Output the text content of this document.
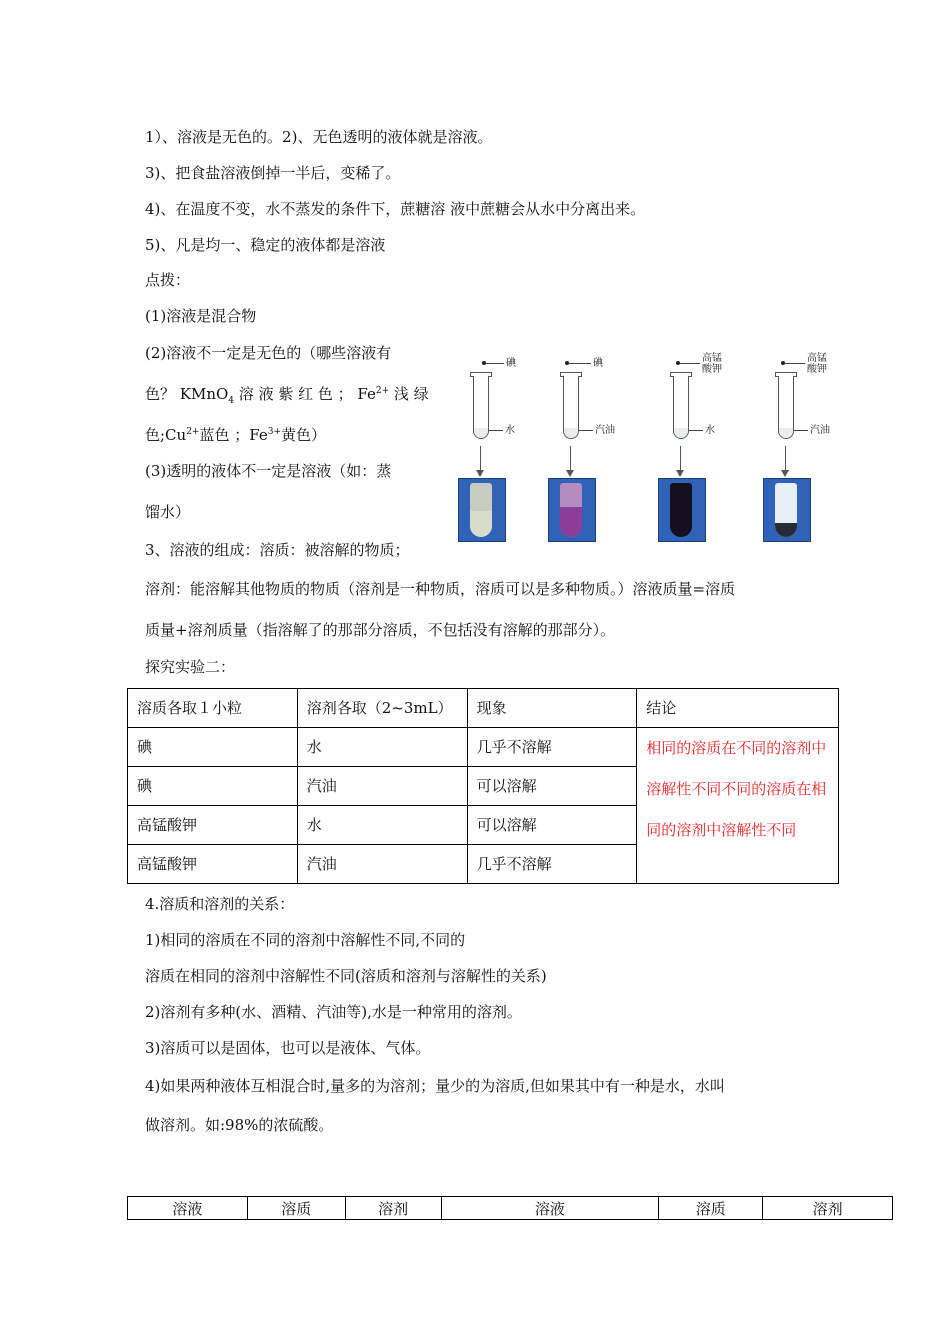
1）、溶液是无色的。2)、无色透明的液体就是溶液。
3)、把食盐溶液倒掉一半后，变稀了。
4)、在温度不变，水不蒸发的条件下，蔗糖溶 液中蔗糖会从水中分离出来。
5)、凡是均一、稳定的液体都是溶液
点拨：
(1)溶液是混合物
(2)溶液不一定是无色的（哪些溶液有
色？ KMnO$_4$ 溶 液 紫 红 色 ； $Fe^{2+}$ 浅 绿
色$;Cu^{2+}$蓝色 ；$Fe^{3+}$黄色）
(3)透明的液体不一定是溶液（如：蒸
馏水）
3、溶液的组成：溶质：被溶解的物质；
溶剂：能溶解其他物质的物质（溶剂是一种物质，溶质可以是多种物质。）溶液质量=溶质
质量+溶剂质量（指溶解了的那部分溶质，不包括没有溶解的那部分）。
探究实验二：
碘
水
碘
汽油
高锰
酸钾
水
高锰
酸钾
汽油
溶质各取１小粒	溶剂各取（2~3mL）	现象	结论
碘	水	几乎不溶解	相同的溶质在不同的溶剂中溶解性不同不同的溶质在相同的溶剂中溶解性不同
碘	汽油	可以溶解	
高锰酸钾	水	可以溶解	
高锰酸钾	汽油	几乎不溶解	
4.溶质和溶剂的关系：
1)相同的溶质在不同的溶剂中溶解性不同,不同的
溶质在相同的溶剂中溶解性不同(溶质和溶剂与溶解性的关系)
2)溶剂有多种(水、酒精、汽油等),水是一种常用的溶剂。
3)溶质可以是固体，也可以是液体、气体。
4)如果两种液体互相混合时,量多的为溶剂；量少的为溶质,但如果其中有一种是水，水叫
做溶剂。如:98%的浓硫酸。
溶液	溶质	溶剂	溶液	溶质	溶剂
